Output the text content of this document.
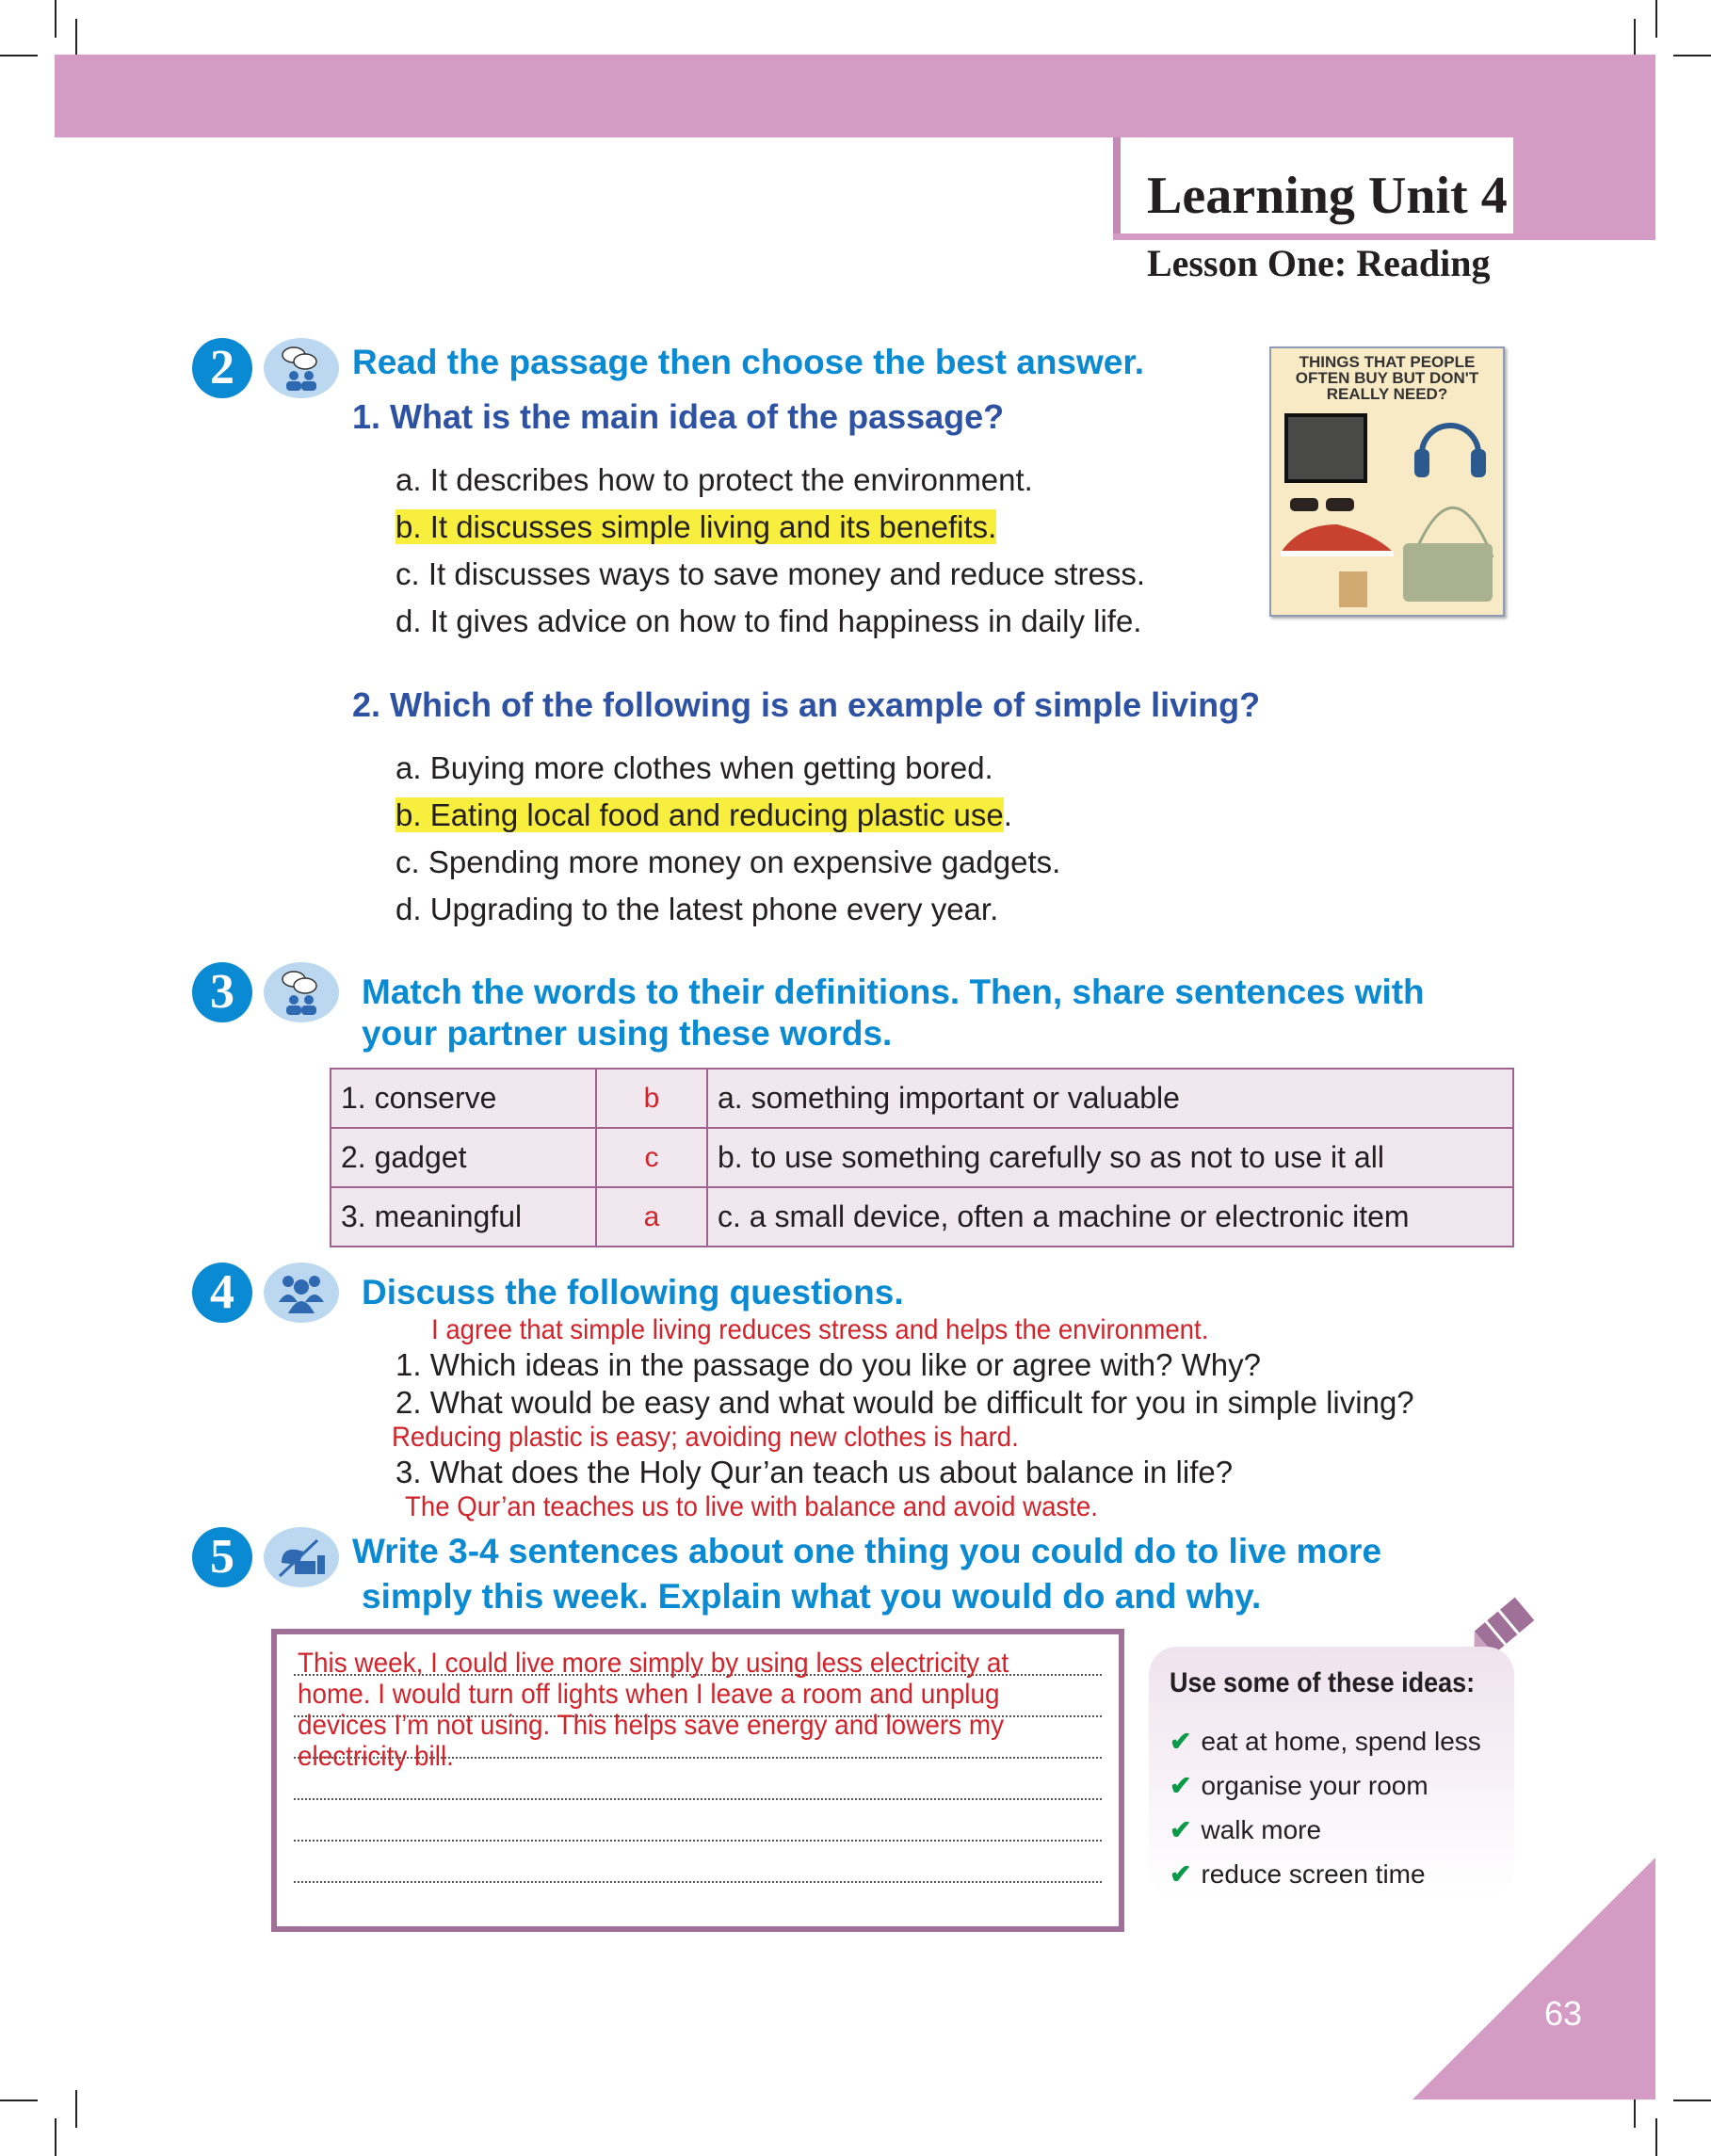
Learning Unit 4
Lesson One: Reading
2	Read the passage then choose the best answer.
1. What is the main idea of the passage?
a. It describes how to protect the environment.
b. It discusses simple living and its benefits.
c. It discusses ways to save money and reduce stress.
d. It gives advice on how to find happiness in daily life.
THINGS THAT PEOPLE OFTEN BUY BUT DON'T REALLY NEED?
2. Which of the following is an example of simple living?
a. Buying more clothes when getting bored.
b. Eating local food and reducing plastic use.
c. Spending more money on expensive gadgets.
d. Upgrading to the latest phone every year.
3	Match the words to their definitions. Then, share sentences with
your partner using these words.
1. conserve	b	a. something important or valuable
2. gadget	c	b. to use something carefully so as not to use it all
3. meaningful	a	c. a small device, often a machine or electronic item
4	Discuss the following questions.
I agree that simple living reduces stress and helps the environment.
1. Which ideas in the passage do you like or agree with? Why?
2. What would be easy and what would be difficult for you in simple living?
Reducing plastic is easy; avoiding new clothes is hard.
3. What does the Holy Qur’an teach us about balance in life?
The Qur’an teaches us to live with balance and avoid waste.
5	Write 3-4 sentences about one thing you could do to live more
simply this week. Explain what you would do and why.
This week, I could live more simply by using less electricity at home. I would turn off lights when I leave a room and unplug devices I’m not using. This helps save energy and lowers my electricity bill.
Use some of these ideas:
✔ eat at home, spend less
✔ organise your room
✔ walk more
✔ reduce screen time
63
